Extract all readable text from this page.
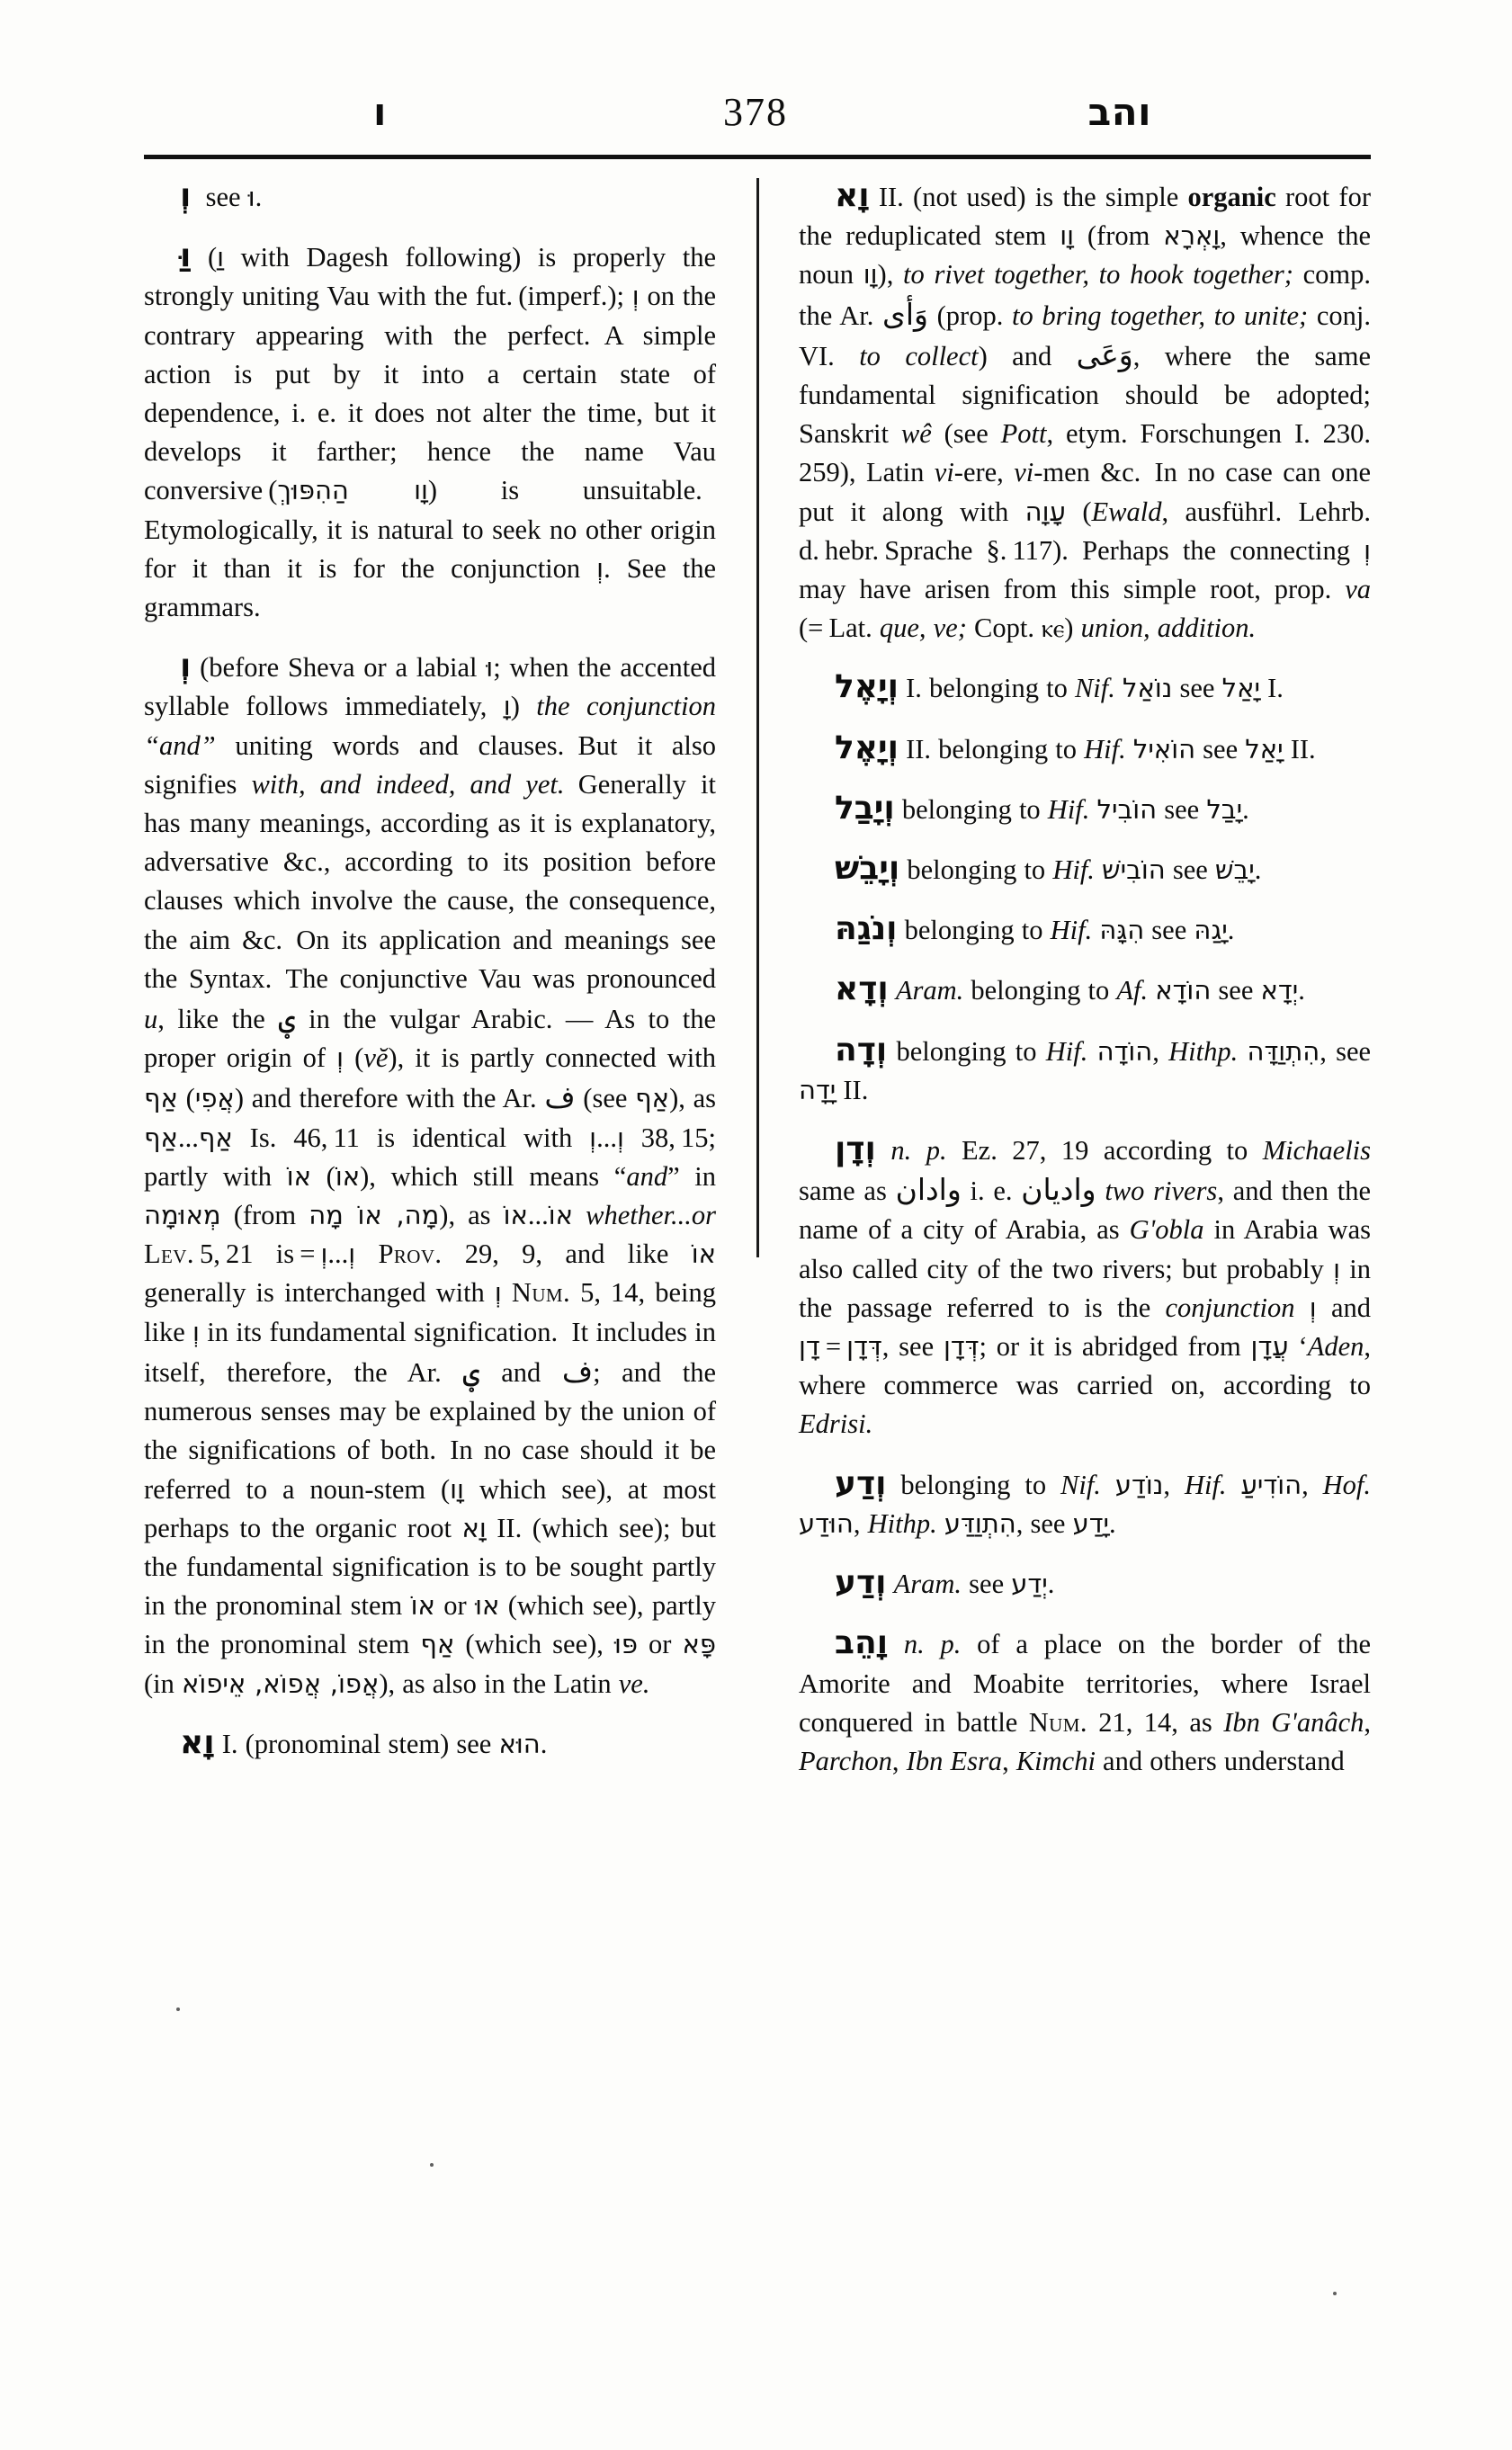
ו	378	והב

וְ  see וּ.

וַּ (וַ with Dagesh following) is properly the strongly uniting Vau with the fut. (imperf.); וְ on the contrary appearing with the perfect. A simple action is put by it into a certain state of dependence, i. e. it does not alter the time, but it develops it farther; hence the name Vau conversive (וָו הַהִפּוּךְ) is unsuitable. Etymologically, it is natural to seek no other origin for it than it is for the conjunction וְ. See the grammars.

וְ (before Sheva or a labial וּ; when the accented syllable follows immediately, וָ) the conjunction “and” uniting words and clauses. But it also signifies with, and indeed, and yet. Generally it has many meanings, according as it is explanatory, adversative &c., according to its position before clauses which involve the cause, the consequence, the aim &c. On its application and meanings see the Syntax. The conjunctive Vau was pronounced u, like the ؠ in the vulgar Arabic. — As to the proper origin of וְ (vĕ), it is partly connected with אַף (אֲפִי) and therefore with the Ar. ف (see אַף), as אַף...אַף Is. 46, 11 is identical with וְ...וְ 38, 15; partly with אוֹ (אוֹ), which still means “and” in מְאוּמָה (from מָה, אוֹ מָה), as אוֹ...אוֹ whether...or Lev. 5, 21 is = וְ...וְ Prov. 29, 9, and like אוֹ generally is interchanged with וְ Num. 5, 14, being like וְ in its fundamental signification. It includes in itself, therefore, the Ar. ؠ and ف; and the numerous senses may be explained by the union of the significations of both. In no case should it be referred to a noun-stem (וָו which see), at most perhaps to the organic root וָא II. (which see); but the fundamental signification is to be sought partly in the pronominal stem אוֹ or אוּ (which see), partly in the pronominal stem אַף (which see), פּוּ or פָּא (in אֲפוֹ, אֲפוֹא, אֵיפוֹא), as also in the Latin ve.

וָא I. (pronominal stem) see הוּא.

וָא II. (not used) is the simple organic root for the reduplicated stem וָו (from וָאְרָא, whence the noun וָו), to rivet together, to hook together; comp. the Ar. وَأى (prop. to bring together, to unite; conj. VI. to collect) and وَعَى, where the same fundamental signification should be adopted; Sanskrit wê (see Pott, etym. Forschungen I. 230. 259), Latin vi-ere, vi-men &c. In no case can one put it along with עָוָה (Ewald, ausführl. Lehrb. d. hebr. Sprache §. 117). Perhaps the connecting וְ may have arisen from this simple root, prop. va (= Lat. que, ve; Copt. ⲕⲉ) union, addition.

וְיָאֶל I. belonging to Nif. נוֹאַל see יָאַל I.

וְיָאֶל II. belonging to Hif. הוֹאִיל see יָאַל II.

וְיָבַל belonging to Hif. הוֹבִיל see יָבַל.

וְיָבֵשׁ belonging to Hif. הוֹבִישׁ see יָבֵשׁ.

וְנֹגַהּ belonging to Hif. הִגָּהּ see יָגַהּ.

וְדָא Aram. belonging to Af. הוֹדָא see יְדָא.

וְדָה belonging to Hif. הוֹדָה, Hithp. הִתְוַדָּה, see יָדָה II.

וְדָן n. p. Ez. 27, 19 according to Michaelis same as وادان i. e. واديان two rivers, and then the name of a city of Arabia, as Gʹobla in Arabia was also called city of the two rivers; but probably וְ in the passage referred to is the conjunction וְ and דָן = דְּדָן, see דְּדָן; or it is abridged from עֲדָן ʻAden, where commerce was carried on, according to Edrisi.

וְדַע belonging to Nif. נוֹדַע, Hif. הוֹדִיעַ, Hof. הוּדַע, Hithp. הִתְוַדַּע, see יָדַע.

וְדַע Aram. see יְדַע.

וָהֵב n. p. of a place on the border of the Amorite and Moabite territories, where Israel conquered in battle Num. 21, 14, as Ibn Gʹanâch, Parchon, Ibn Esra, Kimchi and others understand
